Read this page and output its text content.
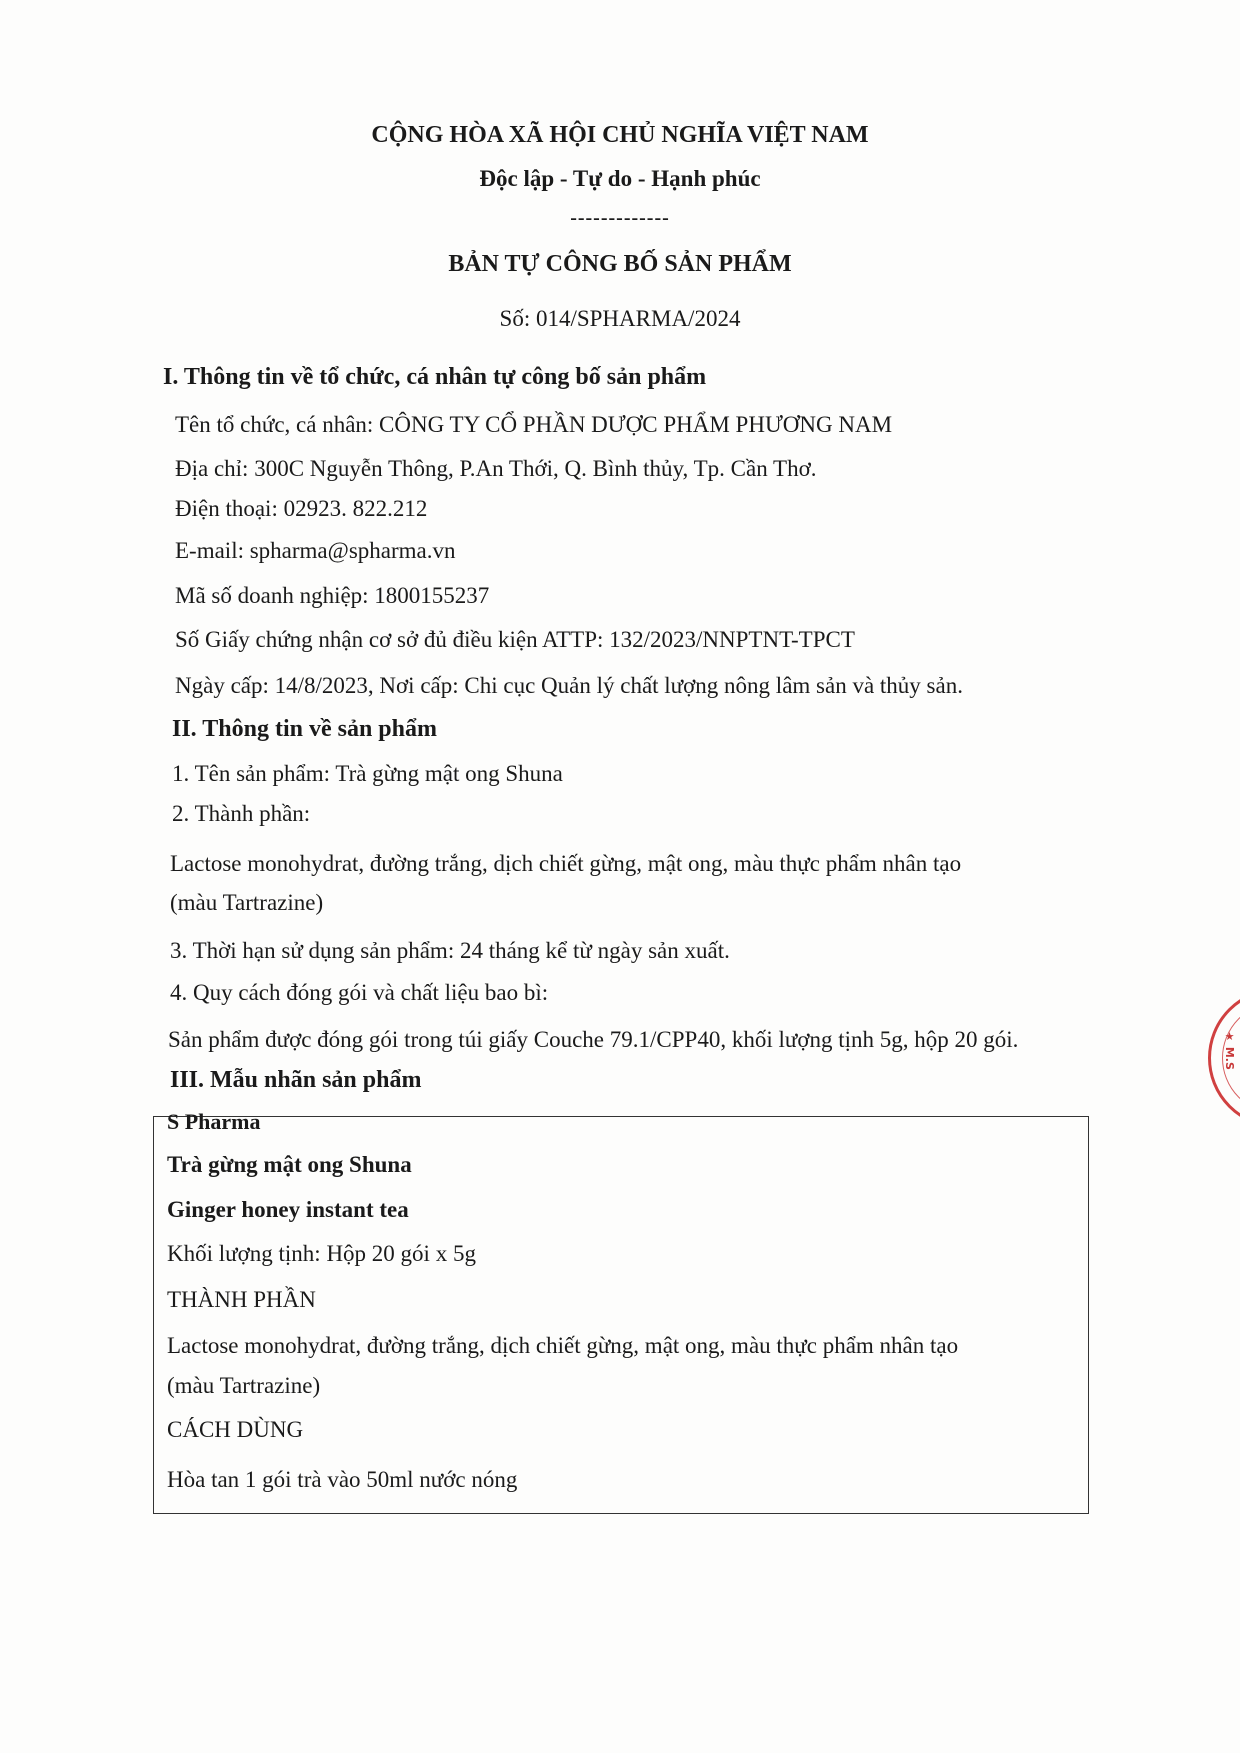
CỘNG HÒA XÃ HỘI CHỦ NGHĨA VIỆT NAM
Độc lập - Tự do - Hạnh phúc
-------------
BẢN TỰ CÔNG BỐ SẢN PHẨM
Số: 014/SPHARMA/2024
I. Thông tin về tổ chức, cá nhân tự công bố sản phẩm
Tên tổ chức, cá nhân: CÔNG TY CỔ PHẦN DƯỢC PHẨM PHƯƠNG NAM
Địa chỉ: 300C Nguyễn Thông, P.An Thới, Q. Bình thủy, Tp. Cần Thơ.
Điện thoại: 02923. 822.212
E-mail: spharma@spharma.vn
Mã số doanh nghiệp: 1800155237
Số Giấy chứng nhận cơ sở đủ điều kiện ATTP: 132/2023/NNPTNT-TPCT
Ngày cấp: 14/8/2023, Nơi cấp: Chi cục Quản lý chất lượng nông lâm sản và thủy sản.
II. Thông tin về sản phẩm
1. Tên sản phẩm: Trà gừng mật ong Shuna
2. Thành phần:
Lactose monohydrat, đường trắng, dịch chiết gừng, mật ong, màu thực phẩm nhân tạo
(màu Tartrazine)
3. Thời hạn sử dụng sản phẩm: 24 tháng kể từ ngày sản xuất.
4. Quy cách đóng gói và chất liệu bao bì:
Sản phẩm được đóng gói trong túi giấy Couche 79.1/CPP40, khối lượng tịnh 5g, hộp 20 gói.
III. Mẫu nhãn sản phẩm
S Pharma
Trà gừng mật ong Shuna
Ginger honey instant tea
Khối lượng tịnh: Hộp 20 gói x 5g
THÀNH PHẦN
Lactose monohydrat, đường trắng, dịch chiết gừng, mật ong, màu thực phẩm nhân tạo
(màu Tartrazine)
CÁCH DÙNG
Hòa tan 1 gói trà vào 50ml nước nóng
★ M.S
